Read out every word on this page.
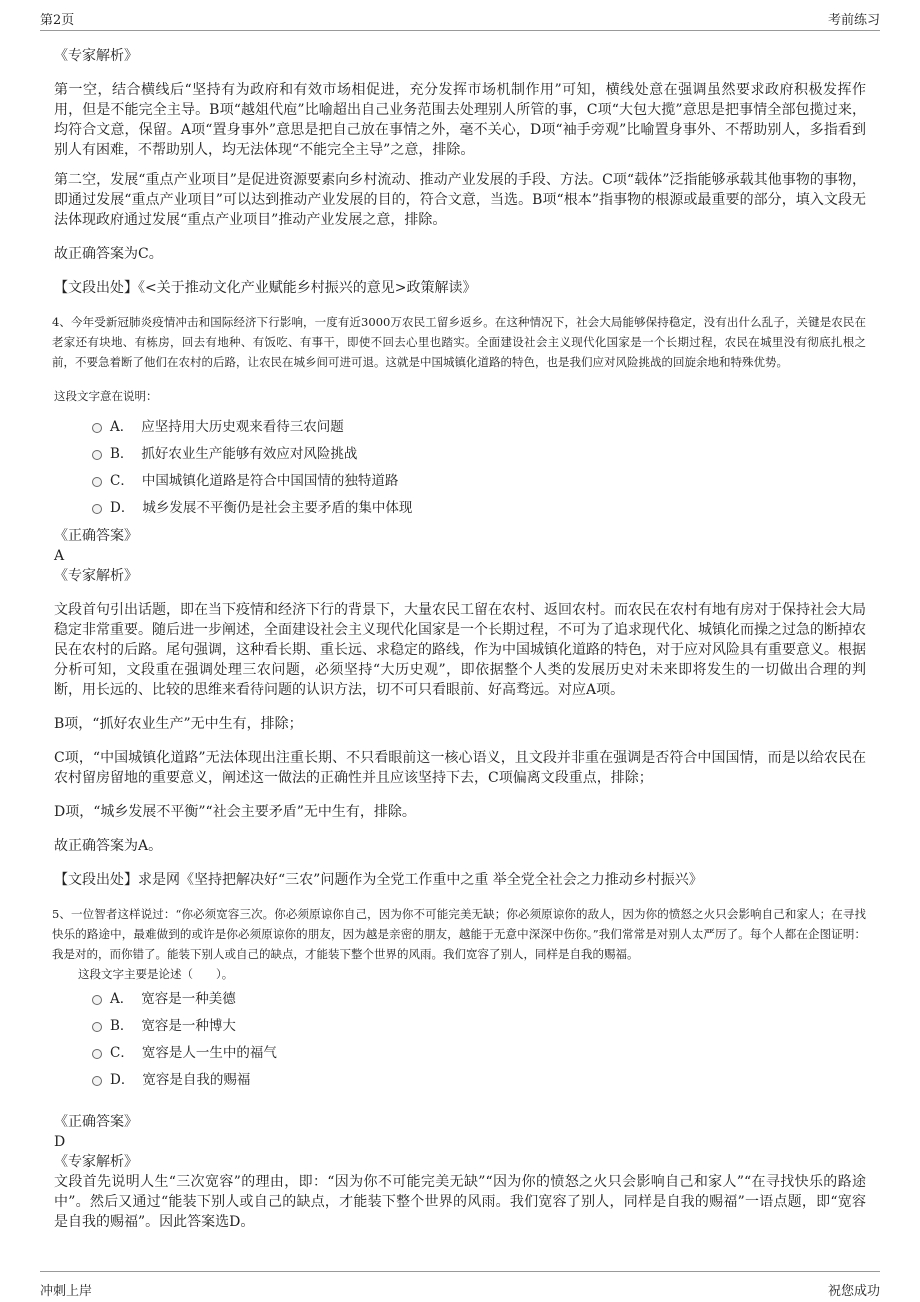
第2页	考前练习

《专家解析》

第一空，结合横线后“坚持有为政府和有效市场相促进，充分发挥市场机制作用”可知，横线处意在强调虽然要求政府积极发挥作用，但是不能完全主导。B项“越俎代庖”比喻超出自己业务范围去处理别人所管的事，C项“大包大揽”意思是把事情全部包揽过来，均符合文意，保留。A项“置身事外”意思是把自己放在事情之外，毫不关心，D项“袖手旁观”比喻置身事外、不帮助别人，多指看到别人有困难，不帮助别人，均无法体现“不能完全主导”之意，排除。

第二空，发展“重点产业项目”是促进资源要素向乡村流动、推动产业发展的手段、方法。C项“载体”泛指能够承载其他事物的事物，即通过发展“重点产业项目”可以达到推动产业发展的目的，符合文意，当选。B项“根本”指事物的根源或最重要的部分，填入文段无法体现政府通过发展“重点产业项目”推动产业发展之意，排除。

故正确答案为C。

【文段出处】《<关于推动文化产业赋能乡村振兴的意见>政策解读》

4、今年受新冠肺炎疫情冲击和国际经济下行影响，一度有近3000万农民工留乡返乡。在这种情况下，社会大局能够保持稳定，没有出什么乱子，关键是农民在老家还有块地、有栋房，回去有地种、有饭吃、有事干，即使不回去心里也踏实。全面建设社会主义现代化国家是一个长期过程，农民在城里没有彻底扎根之前，不要急着断了他们在农村的后路，让农民在城乡间可进可退。这就是中国城镇化道路的特色，也是我们应对风险挑战的回旋余地和特殊优势。

这段文字意在说明：

A． 应坚持用大历史观来看待三农问题
B． 抓好农业生产能够有效应对风险挑战
C． 中国城镇化道路是符合中国国情的独特道路
D． 城乡发展不平衡仍是社会主要矛盾的集中体现

《正确答案》

A

《专家解析》

文段首句引出话题，即在当下疫情和经济下行的背景下，大量农民工留在农村、返回农村。而农民在农村有地有房对于保持社会大局稳定非常重要。随后进一步阐述，全面建设社会主义现代化国家是一个长期过程，不可为了追求现代化、城镇化而操之过急的断掉农民在农村的后路。尾句强调，这种看长期、重长远、求稳定的路线，作为中国城镇化道路的特色，对于应对风险具有重要意义。根据分析可知，文段重在强调处理三农问题，必须坚持“大历史观”，即依据整个人类的发展历史对未来即将发生的一切做出合理的判断，用长远的、比较的思维来看待问题的认识方法，切不可只看眼前、好高骛远。对应A项。

B项，“抓好农业生产”无中生有，排除；

C项，“中国城镇化道路”无法体现出注重长期、不只看眼前这一核心语义，且文段并非重在强调是否符合中国国情，而是以给农民在农村留房留地的重要意义，阐述这一做法的正确性并且应该坚持下去，C项偏离文段重点，排除；

D项，“城乡发展不平衡”“社会主要矛盾”无中生有，排除。

故正确答案为A。

【文段出处】求是网《坚持把解决好“三农”问题作为全党工作重中之重 举全党全社会之力推动乡村振兴》

5、一位智者这样说过：“你必须宽容三次。你必须原谅你自己，因为你不可能完美无缺；你必须原谅你的敌人，因为你的愤怒之火只会影响自己和家人；在寻找快乐的路途中，最难做到的或许是你必须原谅你的朋友，因为越是亲密的朋友，越能于无意中深深中伤你。”我们常常是对别人太严厉了。每个人都在企图证明：我是对的，而你错了。能装下别人或自己的缺点，才能装下整个世界的风雨。我们宽容了别人，同样是自我的赐福。

这段文字主要是论述（　　）。

A． 宽容是一种美德
B． 宽容是一种博大
C． 宽容是人一生中的福气
D． 宽容是自我的赐福

《正确答案》

D

《专家解析》

文段首先说明人生“三次宽容”的理由，即：“因为你不可能完美无缺”“因为你的愤怒之火只会影响自己和家人”“在寻找快乐的路途中”。然后又通过“能装下别人或自己的缺点，才能装下整个世界的风雨。我们宽容了别人，同样是自我的赐福”一语点题，即“宽容是自我的赐福”。因此答案选D。

冲刺上岸	祝您成功
